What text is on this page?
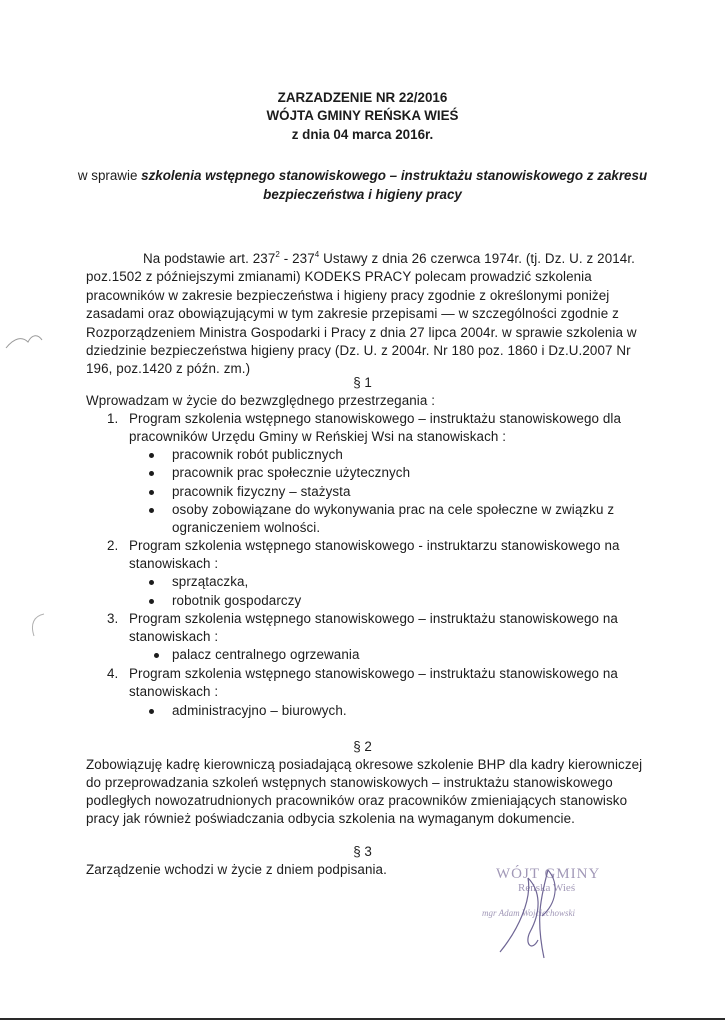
ZARZADZENIE NR 22/2016
WÓJTA GMINY REŃSKA WIEŚ
z dnia 04 marca 2016r.
w sprawie szkolenia wstępnego stanowiskowego – instruktażu stanowiskowego z zakresu
bezpieczeństwa i higieny pracy
Na podstawie art. $237^2 - 237^4$ Ustawy z dnia 26 czerwca 1974r. (tj. Dz. U. z 2014r.
poz.1502 z późniejszymi zmianami) KODEKS PRACY polecam prowadzić szkolenia
pracowników w zakresie bezpieczeństwa i higieny pracy zgodnie z określonymi poniżej
zasadami oraz obowiązującymi w tym zakresie przepisami — w szczególności zgodnie z
Rozporządzeniem Ministra Gospodarki i Pracy z dnia 27 lipca 2004r. w sprawie szkolenia w
dziedzinie bezpieczeństwa higieny pracy (Dz. U. z 2004r. Nr 180 poz. 1860 i Dz.U.2007 Nr
196, poz.1420 z późn. zm.)
§ 1
Wprowadzam w życie do bezwzględnego przestrzegania :
1. Program szkolenia wstępnego stanowiskowego – instruktażu stanowiskowego dla
pracowników Urzędu Gminy w Reńskiej Wsi na stanowiskach :
pracownik robót publicznych
pracownik prac społecznie użytecznych
pracownik fizyczny – stażysta
osoby zobowiązane do wykonywania prac na cele społeczne w związku z
ograniczeniem wolności.
2. Program szkolenia wstępnego stanowiskowego - instruktarzu stanowiskowego na
stanowiskach :
sprzątaczka,
robotnik gospodarczy
3. Program szkolenia wstępnego stanowiskowego – instruktażu stanowiskowego na
stanowiskach :
palacz centralnego ogrzewania
4. Program szkolenia wstępnego stanowiskowego – instruktażu stanowiskowego na
stanowiskach :
administracyjno – biurowych.
§ 2
Zobowiązuję kadrę kierowniczą posiadającą okresowe szkolenie BHP dla kadry kierowniczej
do przeprowadzania szkoleń wstępnych stanowiskowych – instruktażu stanowiskowego
podległych nowozatrudnionych pracowników oraz pracowników zmieniających stanowisko
pracy jak również poświadczania odbycia szkolenia na wymaganym dokumencie.
§ 3
Zarządzenie wchodzi w życie z dniem podpisania.	WÓJT GMINY
Reńska Wieś
mgr Adam Wojciechowski
